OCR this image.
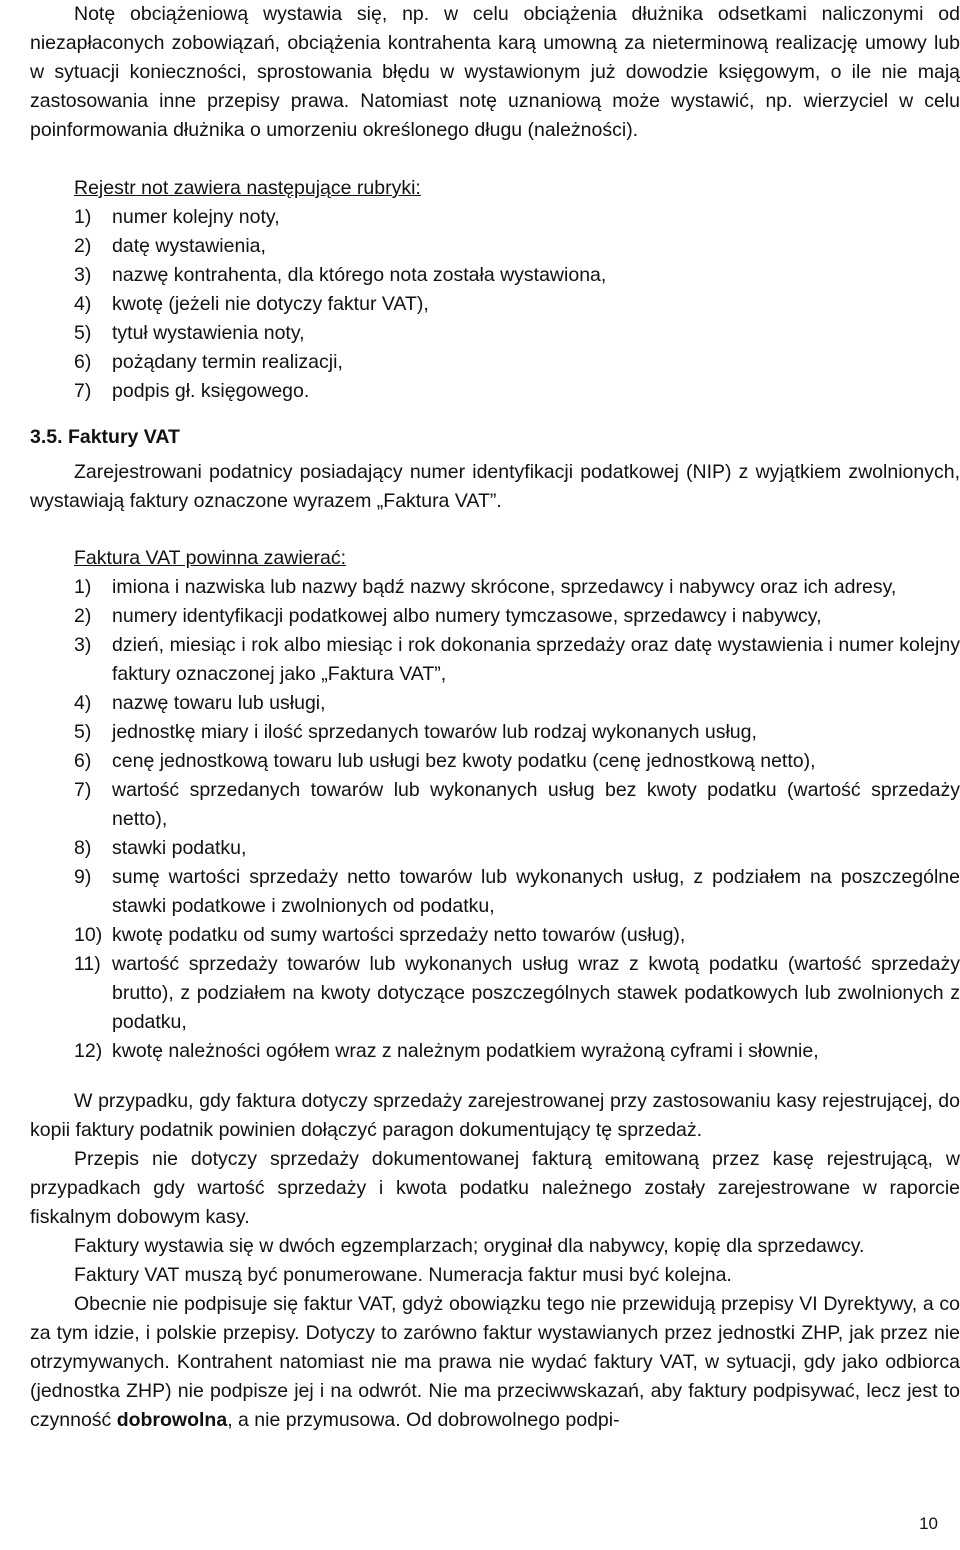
Notę obciążeniową wystawia się, np. w celu obciążenia dłużnika odsetkami naliczonymi od niezapłaconych zobowiązań, obciążenia kontrahenta karą umowną za nieterminową realizację umowy lub w sytuacji konieczności, sprostowania błędu w wystawionym już dowodzie księgowym, o ile nie mają zastosowania inne przepisy prawa. Natomiast notę uznaniową może wystawić, np. wierzyciel w celu poinformowania dłużnika o umorzeniu określonego długu (należności).

Rejestr not zawiera następujące rubryki:
1) numer kolejny noty,
2) datę wystawienia,
3) nazwę kontrahenta, dla którego nota została wystawiona,
4) kwotę (jeżeli nie dotyczy faktur VAT),
5) tytuł wystawienia noty,
6) pożądany termin realizacji,
7) podpis gł. księgowego.
3.5. Faktury VAT

Zarejestrowani podatnicy posiadający numer identyfikacji podatkowej (NIP) z wyjątkiem zwolnionych, wystawiają faktury oznaczone wyrazem „Faktura VAT”.

Faktura VAT powinna zawierać:
1) imiona i nazwiska lub nazwy bądź nazwy skrócone, sprzedawcy i nabywcy oraz ich adresy,
2) numery identyfikacji podatkowej albo numery tymczasowe, sprzedawcy i nabywcy,
3) dzień, miesiąc i rok albo miesiąc i rok dokonania sprzedaży oraz datę wystawienia i numer kolejny faktury oznaczonej jako „Faktura VAT”,
4) nazwę towaru lub usługi,
5) jednostkę miary i ilość sprzedanych towarów lub rodzaj wykonanych usług,
6) cenę jednostkową towaru lub usługi bez kwoty podatku (cenę jednostkową netto),
7) wartość sprzedanych towarów lub wykonanych usług bez kwoty podatku (wartość sprzedaży netto),
8) stawki podatku,
9) sumę wartości sprzedaży netto towarów lub wykonanych usług, z podziałem na poszczególne stawki podatkowe i zwolnionych od podatku,
10) kwotę podatku od sumy wartości sprzedaży netto towarów (usług),
11) wartość sprzedaży towarów lub wykonanych usług wraz z kwotą podatku (wartość sprzedaży brutto), z podziałem na kwoty dotyczące poszczególnych stawek podatkowych lub zwolnionych z podatku,
12) kwotę należności ogółem wraz z należnym podatkiem wyrażoną cyframi i słownie,

W przypadku, gdy faktura dotyczy sprzedaży zarejestrowanej przy zastosowaniu kasy rejestrującej, do kopii faktury podatnik powinien dołączyć paragon dokumentujący tę sprzedaż.

Przepis nie dotyczy sprzedaży dokumentowanej fakturą emitowaną przez kasę rejestrującą, w przypadkach gdy wartość sprzedaży i kwota podatku należnego zostały zarejestrowane w raporcie fiskalnym dobowym kasy.

Faktury wystawia się w dwóch egzemplarzach; oryginał dla nabywcy, kopię dla sprzedawcy.

Faktury VAT muszą być ponumerowane. Numeracja faktur musi być kolejna.

Obecnie nie podpisuje się faktur VAT, gdyż obowiązku tego nie przewidują przepisy VI Dyrektywy, a co za tym idzie, i polskie przepisy. Dotyczy to zarówno faktur wystawianych przez jednostki ZHP, jak przez nie otrzymywanych. Kontrahent natomiast nie ma prawa nie wydać faktury VAT, w sytuacji, gdy jako odbiorca (jednostka ZHP) nie podpisze jej i na odwrót. Nie ma przeciwwskazań, aby faktury podpisywać, lecz jest to czynność dobrowolna, a nie przymusowa. Od dobrowolnego podpi-

10
